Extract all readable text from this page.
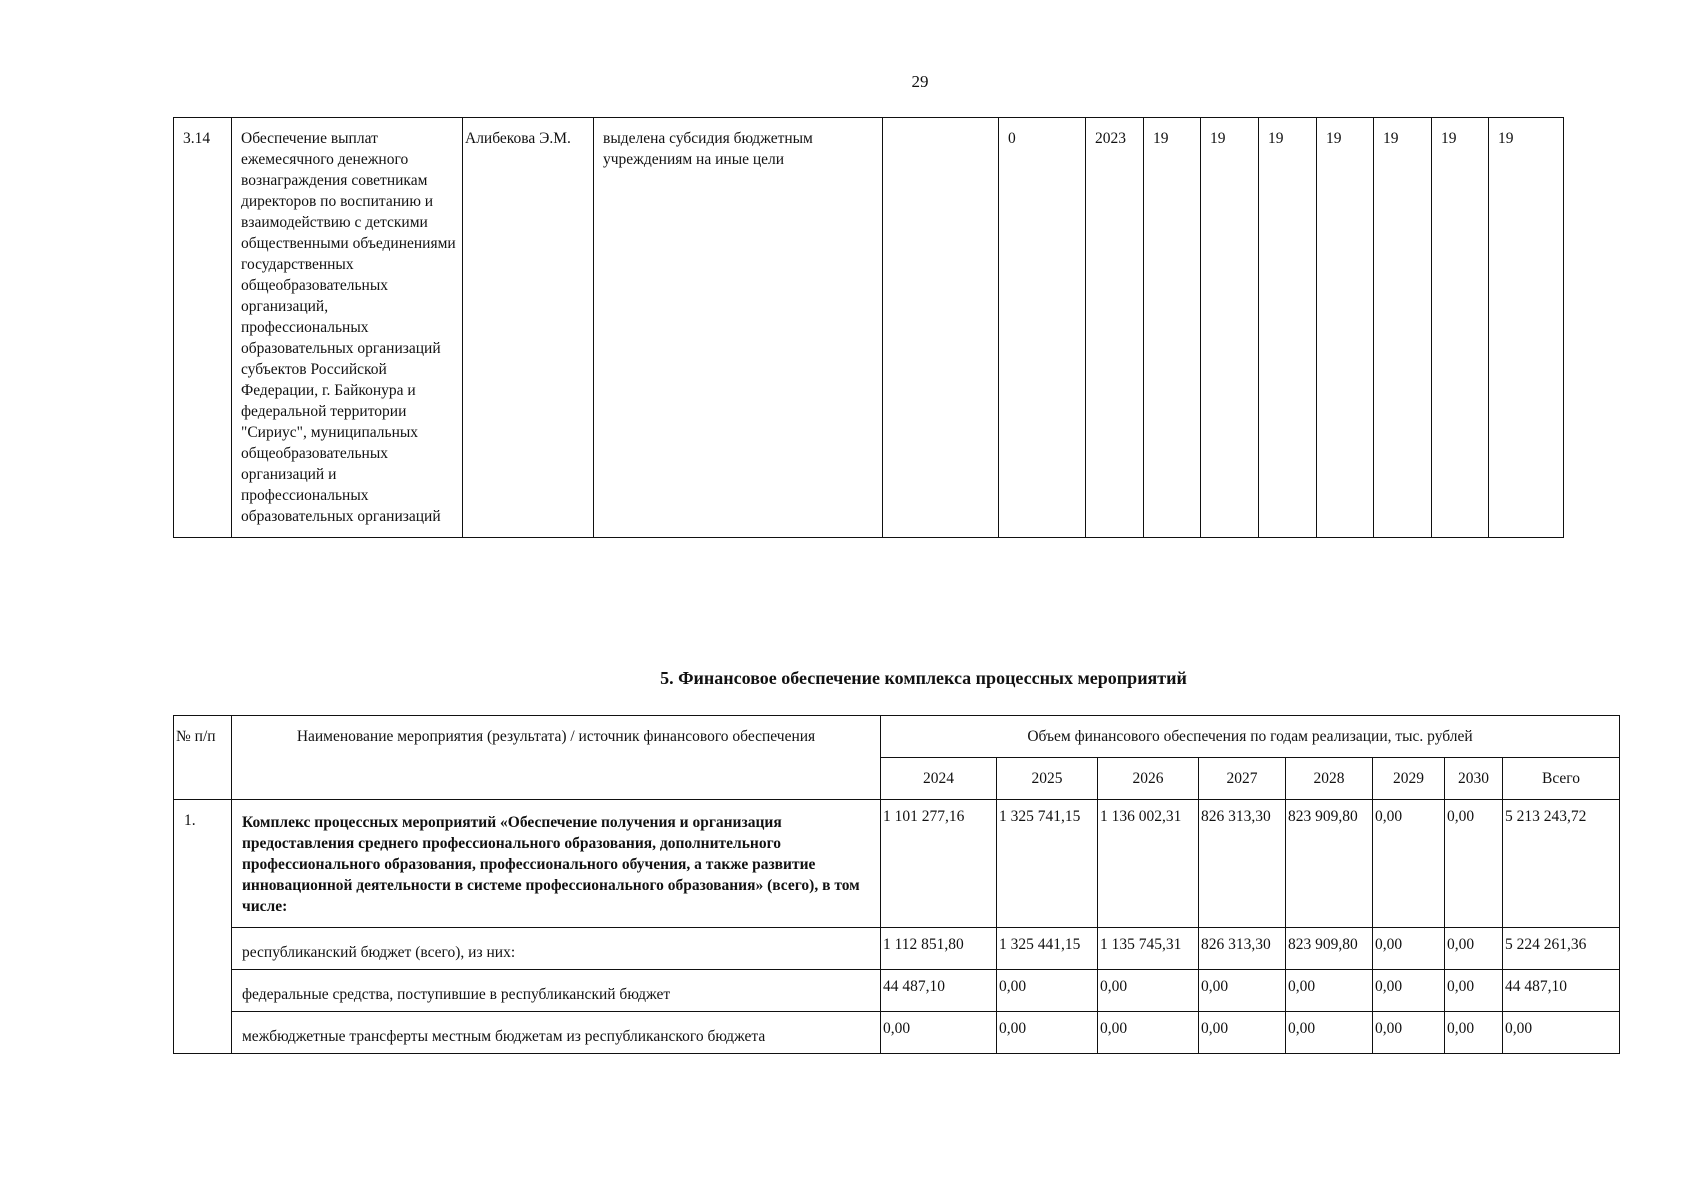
29
3.14	Обеспечение выплат ежемесячного денежного вознаграждения советникам директоров по воспитанию и взаимодействию с детскими общественными объединениями государственных общеобразовательных организаций, профессиональных образовательных организаций субъектов Российской Федерации, г. Байконура и федеральной территории "Сириус", муниципальных общеобразовательных организаций и профессиональных образовательных организаций	Алибекова Э.М.	выделена субсидия бюджетным учреждениям на иные цели		0	2023	19	19	19	19	19	19	19
5. Финансовое обеспечение комплекса процессных мероприятий
№ п/п	Наименование мероприятия (результата) / источник финансового обеспечения	Объем финансового обеспечения по годам реализации, тыс. рублей							
		2024	2025	2026	2027	2028	2029	2030	Всего
1.	Комплекс процессных мероприятий «Обеспечение получения и организация предоставления среднего профессионального образования, дополнительного профессионального образования, профессионального обучения, а также развитие инновационной деятельности в системе профессионального образования» (всего), в том числе:	1 101 277,16	1 325 741,15	1 136 002,31	826 313,30	823 909,80	0,00	0,00	5 213 243,72
	республиканский бюджет (всего), из них:	1 112 851,80	1 325 441,15	1 135 745,31	826 313,30	823 909,80	0,00	0,00	5 224 261,36
	федеральные средства, поступившие в республиканский бюджет	44 487,10	0,00	0,00	0,00	0,00	0,00	0,00	44 487,10
	межбюджетные трансферты местным бюджетам из республиканского бюджета	0,00	0,00	0,00	0,00	0,00	0,00	0,00	0,00
